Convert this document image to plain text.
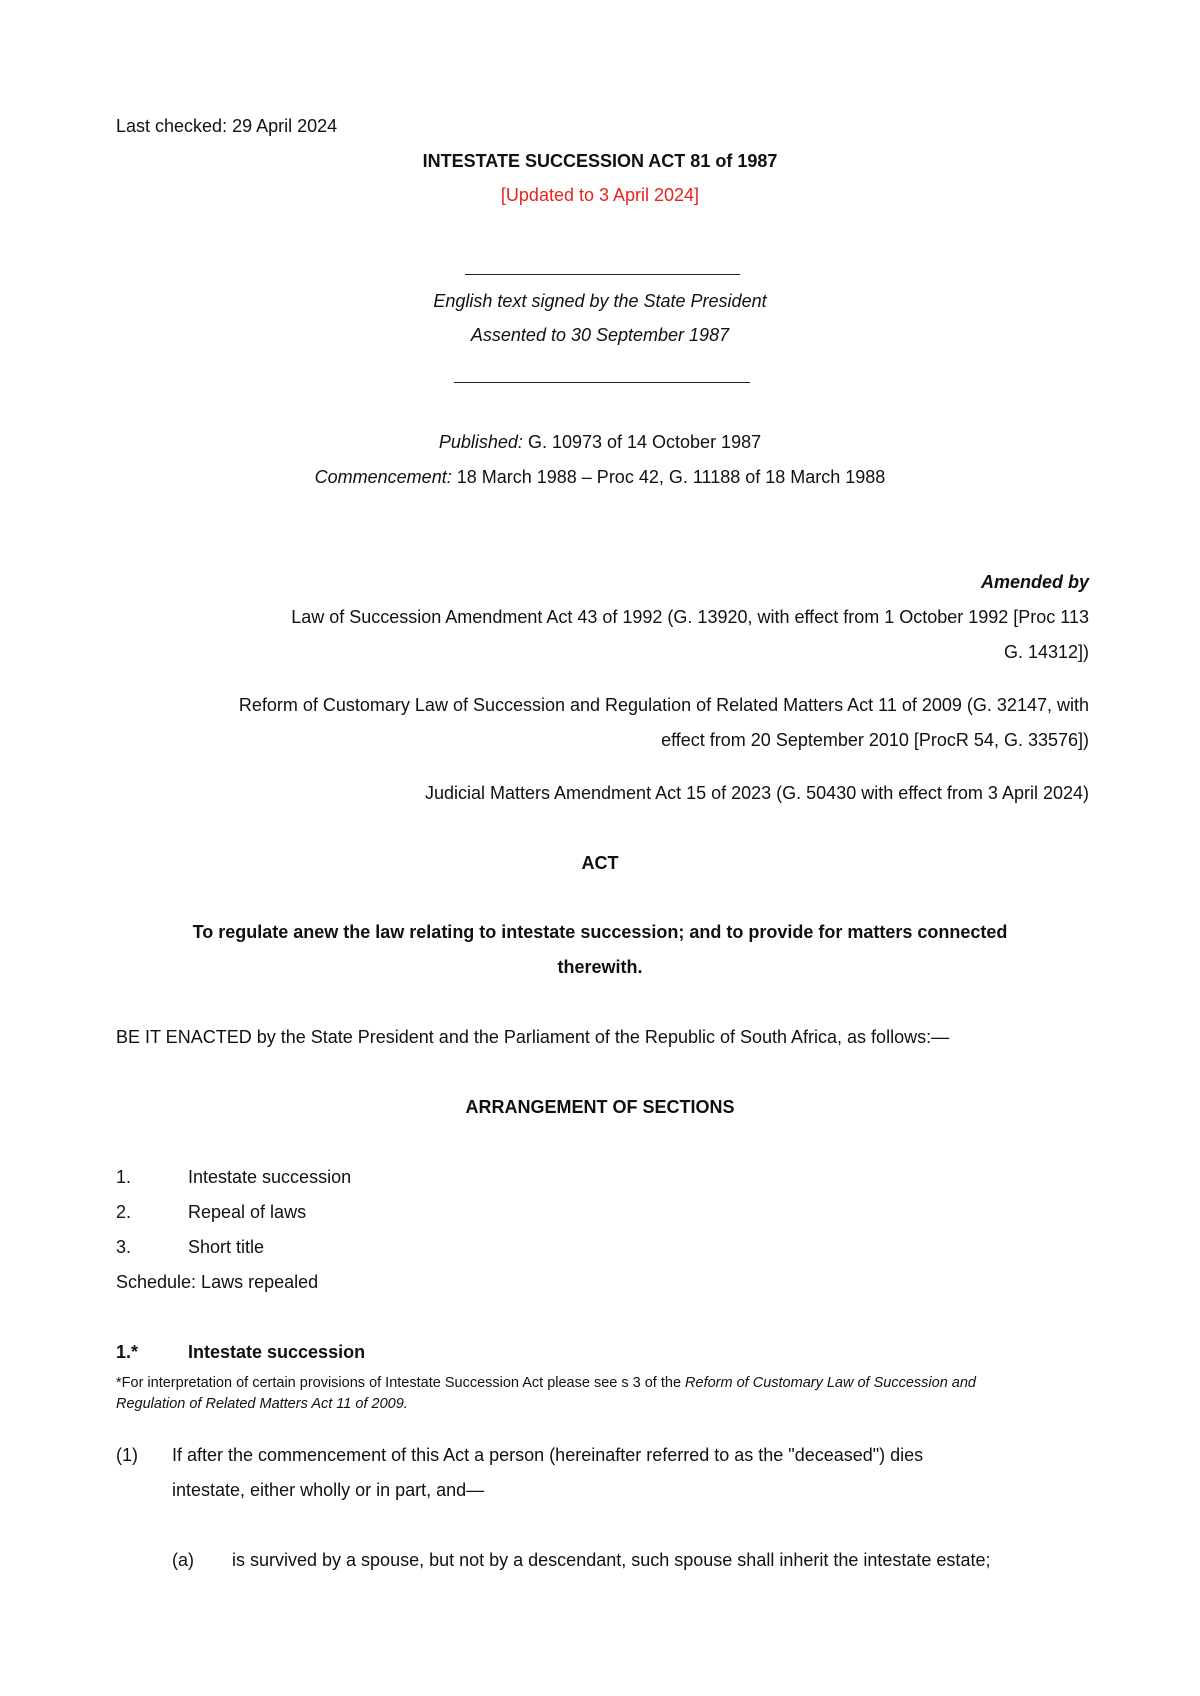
Last checked: 29 April 2024
INTESTATE SUCCESSION ACT 81 of 1987
[Updated to 3 April 2024]
English text signed by the State President
Assented to 30 September 1987
Published: G. 10973 of 14 October 1987
Commencement: 18 March 1988 – Proc 42, G. 11188 of 18 March 1988
Amended by
Law of Succession Amendment Act 43 of 1992 (G. 13920, with effect from 1 October 1992 [Proc 113
G. 14312])
Reform of Customary Law of Succession and Regulation of Related Matters Act 11 of 2009 (G. 32147, with
effect from 20 September 2010 [ProcR 54, G. 33576])
Judicial Matters Amendment Act 15 of 2023 (G. 50430 with effect from 3 April 2024)
ACT
To regulate anew the law relating to intestate succession; and to provide for matters connected
therewith.
BE IT ENACTED by the State President and the Parliament of the Republic of South Africa, as follows:—
ARRANGEMENT OF SECTIONS
1.	Intestate succession
2.	Repeal of laws
3.	Short title
Schedule: Laws repealed
1.*	Intestate succession
*For interpretation of certain provisions of Intestate Succession Act please see s 3 of the Reform of Customary Law of Succession and
Regulation of Related Matters Act 11 of 2009.
(1) If after the commencement of this Act a person (hereinafter referred to as the "deceased") dies
intestate, either wholly or in part, and—
(a) is survived by a spouse, but not by a descendant, such spouse shall inherit the intestate estate;
